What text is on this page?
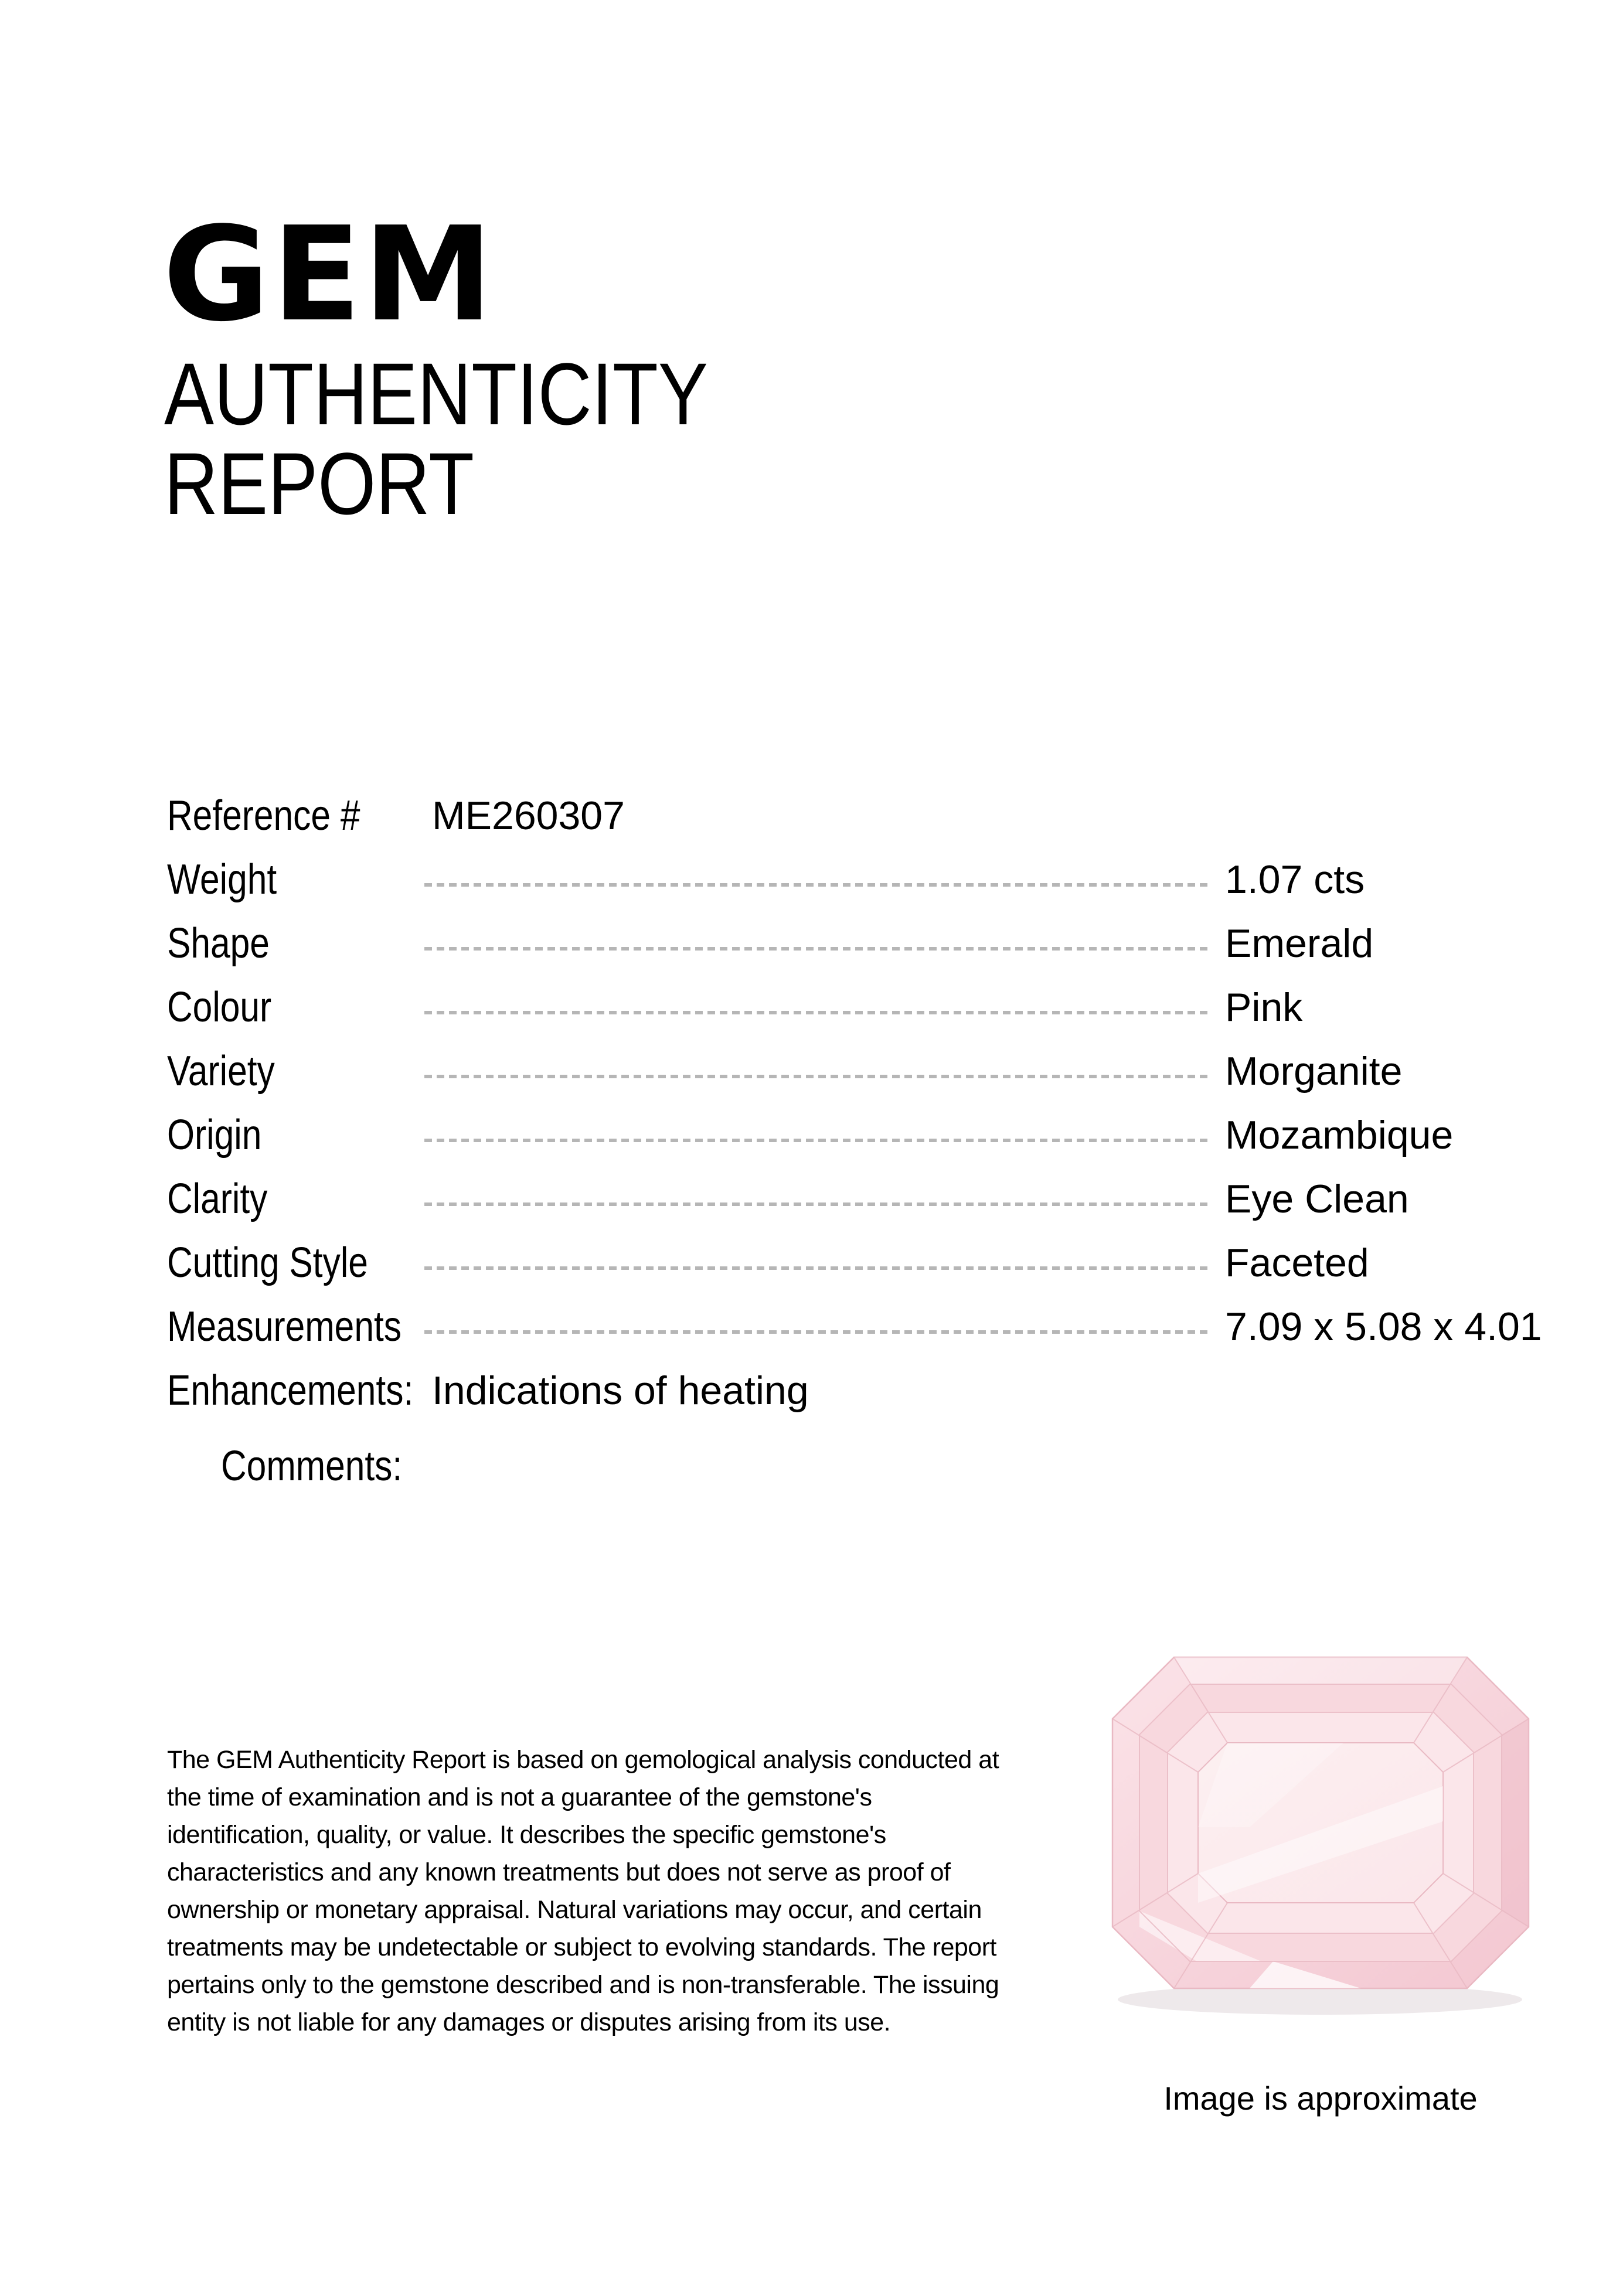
GEM
AUTHENTICITY
REPORT
Reference # ME260307
Weight	1.07 cts
Shape	Emerald
Colour	Pink
Variety	Morganite
Origin	Mozambique
Clarity	Eye Clean
Cutting Style	Faceted
Measurements	7.09 x 5.08 x 4.01
Enhancements: Indications of heating
Comments:

The GEM Authenticity Report is based on gemological analysis conducted at the time of examination and is not a guarantee of the gemstone's identification, quality, or value. It describes the specific gemstone's characteristics and any known treatments but does not serve as proof of ownership or monetary appraisal. Natural variations may occur, and certain treatments may be undetectable or subject to evolving standards. The report pertains only to the gemstone described and is non-transferable. The issuing entity is not liable for any damages or disputes arising from its use.

Image is approximate
